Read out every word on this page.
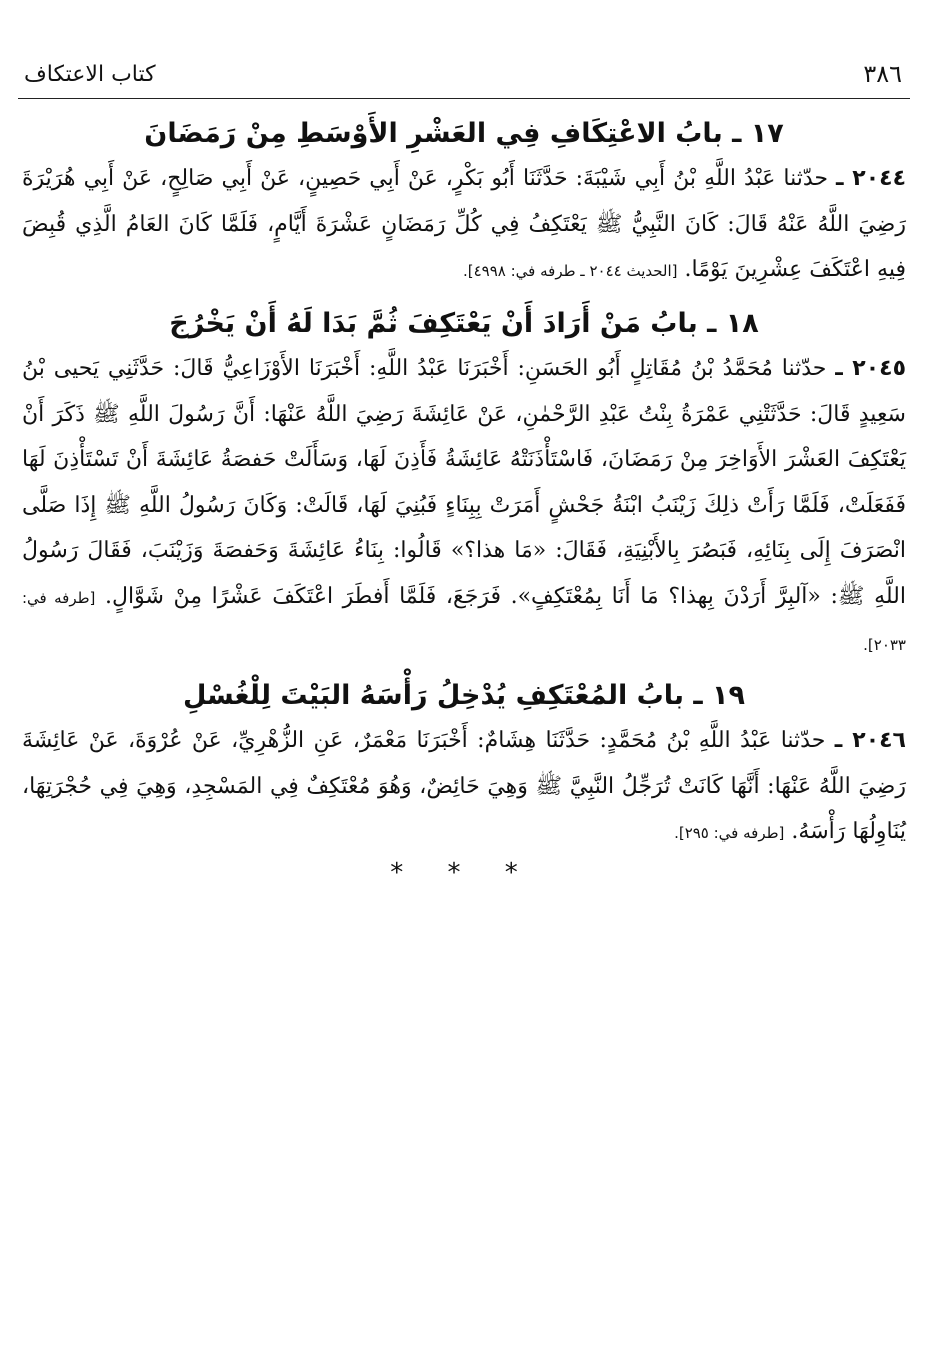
٣٨٦
كتاب الاعتكاف
١٧ ـ بابُ الاعْتِكَافِ فِي العَشْرِ الأَوْسَطِ مِنْ رَمَضَانَ

٢٠٤٤ ـ حدّثنا عَبْدُ اللَّهِ بْنُ أَبِي شَيْبَةَ: حَدَّثَنَا أَبُو بَكْرٍ، عَنْ أَبِي حَصِينٍ، عَنْ أَبِي صَالِحٍ، عَنْ أَبِي هُرَيْرَةَ رَضِيَ اللَّهُ عَنْهُ قَالَ: كَانَ النَّبِيُّ ﷺ يَعْتَكِفُ فِي كُلِّ رَمَضَانٍ عَشْرَةَ أَيَّامٍ، فَلَمَّا كَانَ العَامُ الَّذِي قُبِضَ فِيهِ اعْتَكَفَ عِشْرِينَ يَوْمًا. [الحديث ٢٠٤٤ ـ طرفه في: ٤٩٩٨].

١٨ ـ بابُ مَنْ أَرَادَ أَنْ يَعْتَكِفَ ثُمَّ بَدَا لَهُ أَنْ يَخْرُجَ

٢٠٤٥ ـ حدّثنا مُحَمَّدُ بْنُ مُقَاتِلٍ أَبُو الحَسَنِ: أَخْبَرَنَا عَبْدُ اللَّهِ: أَخْبَرَنَا الأَوْزَاعِيُّ قَالَ: حَدَّثَنِي يَحيى بْنُ سَعِيدٍ قَالَ: حَدَّثَتْنِي عَمْرَةُ بِنْتُ عَبْدِ الرَّحْمٰنِ، عَنْ عَائِشَةَ رَضِيَ اللَّهُ عَنْهَا: أَنَّ رَسُولَ اللَّهِ ﷺ ذَكَرَ أَنْ يَعْتَكِفَ العَشْرَ الأَوَاخِرَ مِنْ رَمَضَانَ، فَاسْتَأْذَنَتْهُ عَائِشَةُ فَأَذِنَ لَهَا، وَسَأَلَتْ حَفصَةُ عَائِشَةَ أَنْ تَسْتَأْذِنَ لَهَا فَفَعَلَتْ، فَلَمَّا رَأَتْ ذلِكَ زَيْنَبُ ابْنَةُ جَحْشٍ أَمَرَتْ بِبِنَاءٍ فَبُنِيَ لَهَا، قَالَتْ: وَكَانَ رَسُولُ اللَّهِ ﷺ إِذَا صَلَّى انْصَرَفَ إِلَى بِنَائِهِ، فَبَصُرَ بِالأَبْنِيَةِ، فَقَالَ: «مَا هذا؟» قَالُوا: بِنَاءُ عَائِشَةَ وَحَفصَةَ وَزَيْنَبَ، فَقَالَ رَسُولُ اللَّهِ ﷺ: «آلبِرَّ أَرَدْنَ بِهذا؟ مَا أَنَا بِمُعْتَكِفٍ». فَرَجَعَ، فَلَمَّا أَفطَرَ اعْتَكَفَ عَشْرًا مِنْ شَوَّالٍ. [طرفه في: ٢٠٣٣].

١٩ ـ بابُ المُعْتَكِفِ يُدْخِلُ رَأْسَهُ البَيْتَ لِلْغُسْلِ

٢٠٤٦ ـ حدّثنا عَبْدُ اللَّهِ بْنُ مُحَمَّدٍ: حَدَّثَنَا هِشَامٌ: أَخْبَرَنَا مَعْمَرٌ، عَنِ الزُّهْرِيِّ، عَنْ عُرْوَةَ، عَنْ عَائِشَةَ رَضِيَ اللَّهُ عَنْهَا: أَنَّهَا كَانَتْ تُرَجِّلُ النَّبِيَّ ﷺ وَهِيَ حَائِضٌ، وَهُوَ مُعْتَكِفٌ فِي المَسْجِدِ، وَهِيَ فِي حُجْرَتِهَا، يُنَاوِلُهَا رَأْسَهُ. [طرفه في: ٢٩٥].

* * *
